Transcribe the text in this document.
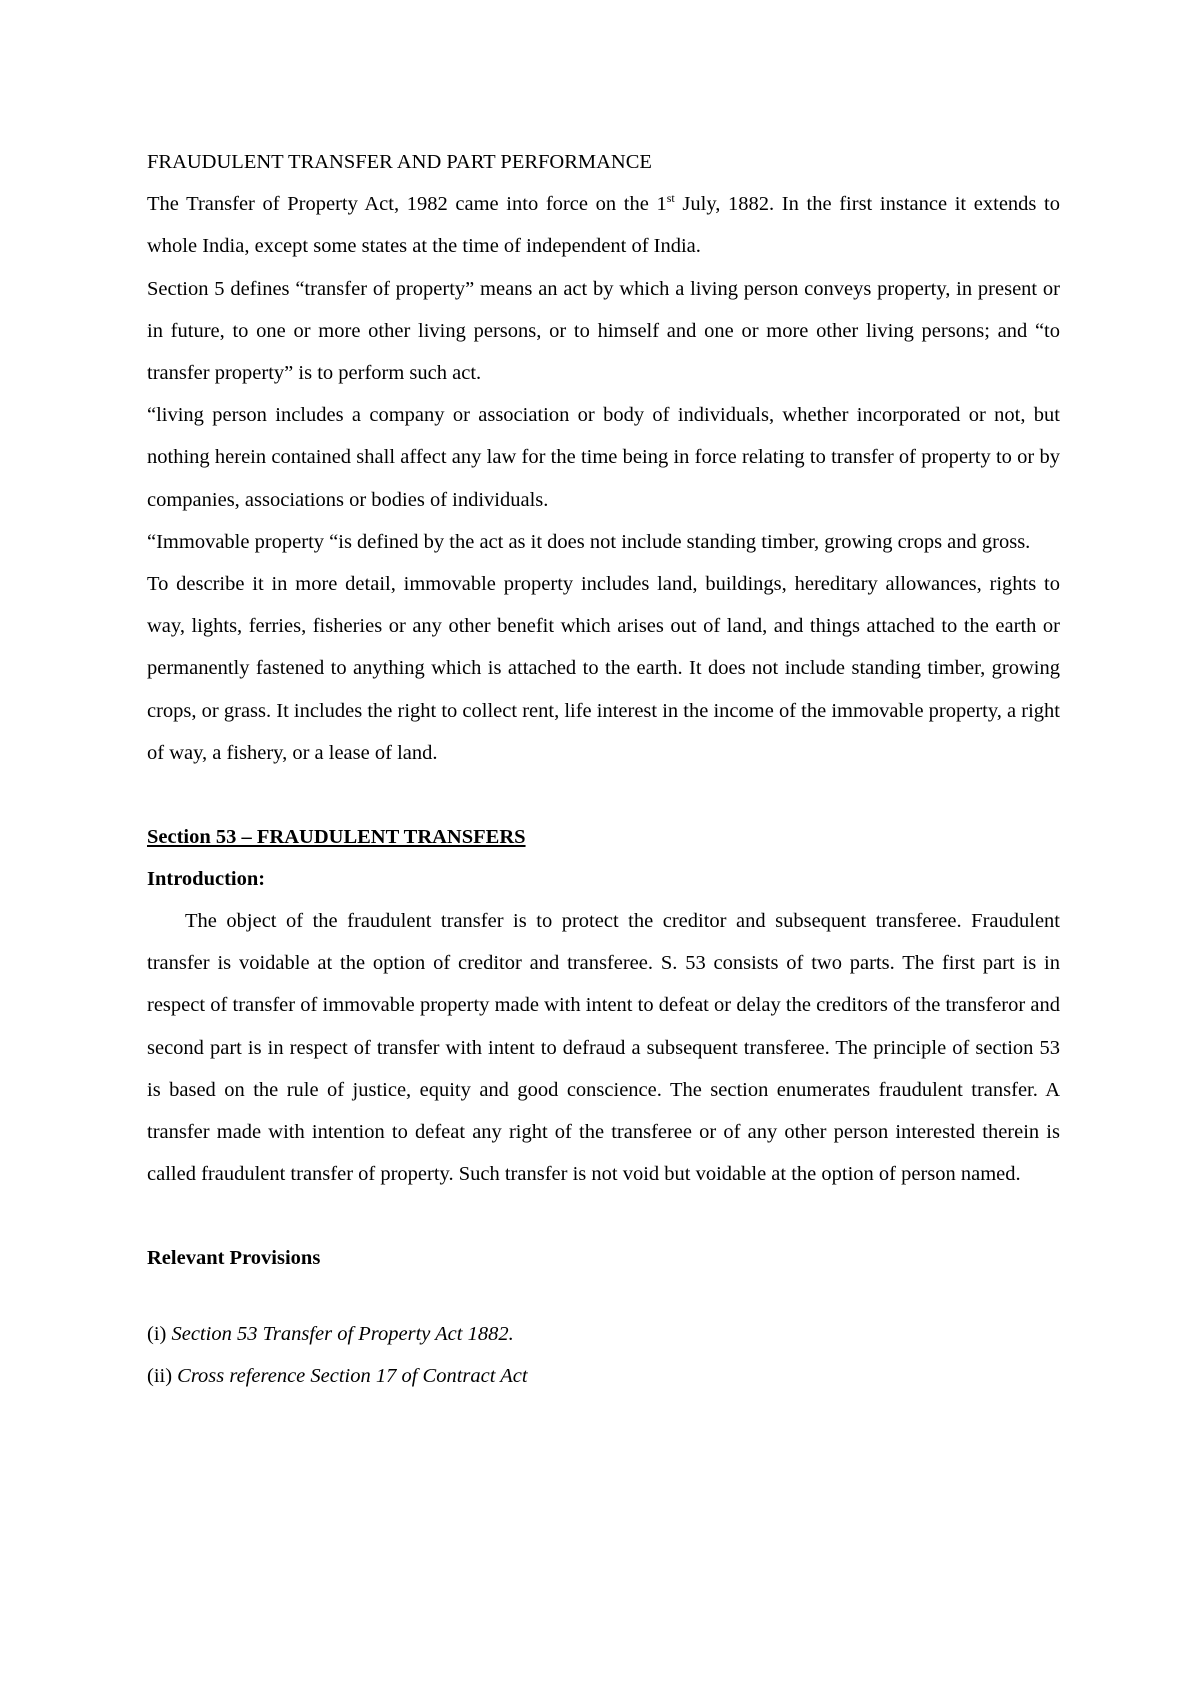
FRAUDULENT TRANSFER AND PART PERFORMANCE

The Transfer of Property Act, 1982 came into force on the 1st July, 1882. In the first instance it extends to whole India, except some states at the time of independent of India.

Section 5 defines “transfer of property” means an act by which a living person conveys property, in present or in future, to one or more other living persons, or to himself and one or more other living persons; and “to transfer property” is to perform such act.

“living person includes a company or association or body of individuals, whether incorporated or not, but nothing herein contained shall affect any law for the time being in force relating to transfer of property to or by companies, associations or bodies of individuals.

“Immovable property “is defined by the act as it does not include standing timber, growing crops and gross.

To describe it in more detail, immovable property includes land, buildings, hereditary allowances, rights to way, lights, ferries, fisheries or any other benefit which arises out of land, and things attached to the earth or permanently fastened to anything which is attached to the earth. It does not include standing timber, growing crops, or grass. It includes the right to collect rent, life interest in the income of the immovable property, a right of way, a fishery, or a lease of land.

Section 53 – FRAUDULENT TRANSFERS

Introduction:

The object of the fraudulent transfer is to protect the creditor and subsequent transferee. Fraudulent transfer is voidable at the option of creditor and transferee. S. 53 consists of two parts. The first part is in respect of transfer of immovable property made with intent to defeat or delay the creditors of the transferor and second part is in respect of transfer with intent to defraud a subsequent transferee. The principle of section 53 is based on the rule of justice, equity and good conscience. The section enumerates fraudulent transfer. A transfer made with intention to defeat any right of the transferee or of any other person interested therein is called fraudulent transfer of property. Such transfer is not void but voidable at the option of person named.

Relevant Provisions

(i) Section 53 Transfer of Property Act 1882.

(ii) Cross reference Section 17 of Contract Act
